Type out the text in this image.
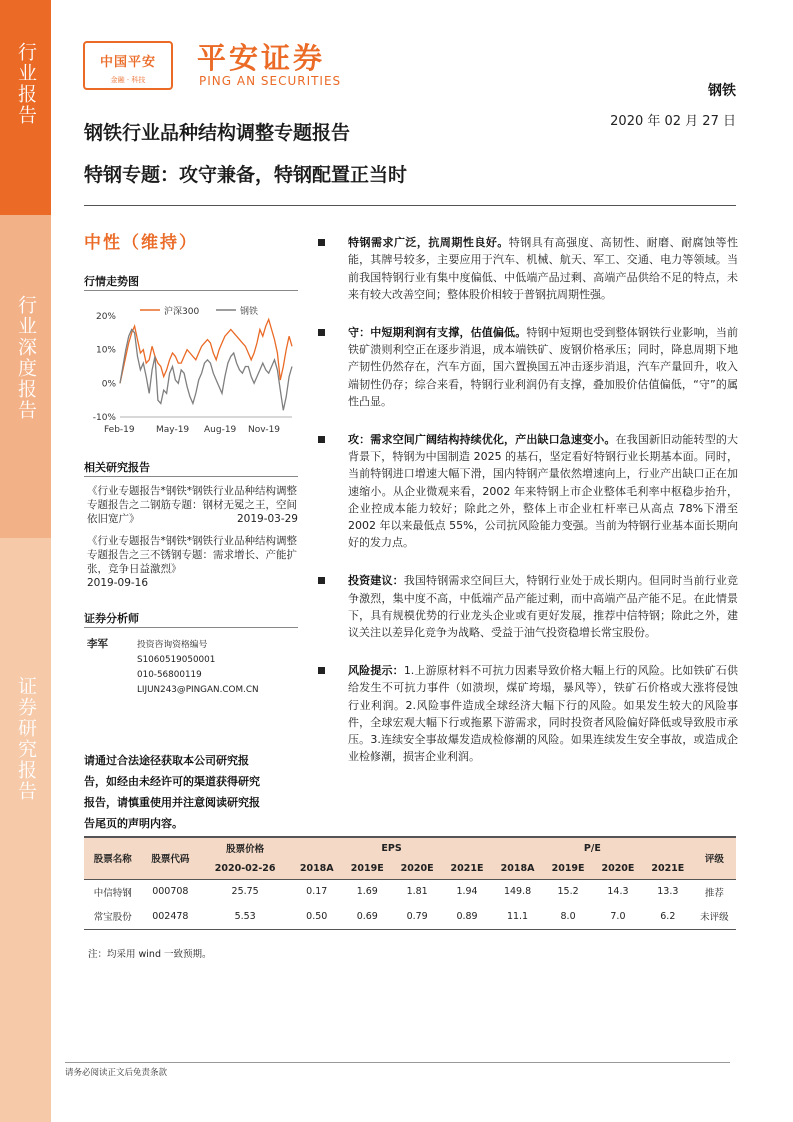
行业报告
行业深度报告
证券研究报告
中国平安
金融 · 科技
平安证券
PING AN SECURITIES
钢铁
2020 年 02 月 27 日
钢铁行业品种结构调整专题报告
特钢专题：攻守兼备，特钢配置正当时
中性（维持）
行情走势图
沪深300	钢铁
20%
10%
0%
-10%
Feb-19 May-19 Aug-19 Nov-19
相关研究报告
《行业专题报告*钢铁*钢铁行业品种结构调整专题报告之二钢筋专题：钢材无冕之王，空间依旧宽广》	2019-03-29
《行业专题报告*钢铁*钢铁行业品种结构调整专题报告之三不锈钢专题：需求增长、产能扩张，竞争日益激烈》
2019-09-16
证券分析师
李军	投资咨询资格编号
S1060519050001
010-56800119
LIJUN243@PINGAN.COM.CN
请通过合法途径获取本公司研究报告，如经由未经许可的渠道获得研究报告，请慎重使用并注意阅读研究报告尾页的声明内容。
特钢需求广泛，抗周期性良好。特钢具有高强度、高韧性、耐磨、耐腐蚀等性能，其牌号较多，主要应用于汽车、机械、航天、军工、交通、电力等领域。当前我国特钢行业有集中度偏低、中低端产品过剩、高端产品供给不足的特点，未来有较大改善空间；整体股价相较于普钢抗周期性强。
守：中短期利润有支撑，估值偏低。特钢中短期也受到整体钢铁行业影响，当前铁矿溃则利空正在逐步消退，成本端铁矿、废钢价格承压；同时，降息周期下地产韧性仍然存在，汽车方面，国六置换国五冲击逐步消退，汽车产量回升，收入端韧性仍存；综合来看，特钢行业利润仍有支撑，叠加股价估值偏低，“守”的属性凸显。
攻：需求空间广阔结构持续优化，产出缺口急速变小。在我国新旧动能转型的大背景下，特钢为中国制造 2025 的基石，坚定看好特钢行业长期基本面。同时，当前特钢进口增速大幅下滑，国内特钢产量依然增速向上，行业产出缺口正在加速缩小。从企业微观来看，2002 年来特钢上市企业整体毛利率中枢稳步抬升，企业控成本能力较好；除此之外，整体上市企业杠杆率已从高点 78%下滑至 2002 年以来最低点 55%，公司抗风险能力变强。当前为特钢行业基本面长期向好的发力点。
投资建议：我国特钢需求空间巨大，特钢行业处于成长期内。但同时当前行业竞争激烈，集中度不高，中低端产品产能过剩，而中高端产品产能不足。在此情景下，具有规模优势的行业龙头企业或有更好发展，推荐中信特钢；除此之外，建议关注以差异化竞争为战略、受益于油气投资稳增长常宝股份。
风险提示：1.上游原材料不可抗力因素导致价格大幅上行的风险。比如铁矿石供给发生不可抗力事件（如溃坝，煤矿垮塌，暴风等），铁矿石价格或大涨将侵蚀行业利润。2.风险事件造成全球经济大幅下行的风险。如果发生较大的风险事件，全球宏观大幅下行或拖累下游需求，同时投资者风险偏好降低或导致股市承压。3.连续安全事故爆发造成检修潮的风险。如果连续发生安全事故，或造成企业检修潮，损害企业利润。
股票名称	股票代码	股票价格	EPS				P/E				评级
		2020-02-26	2018A	2019E	2020E	2021E	2018A	2019E	2020E	2021E	
中信特钢	000708	25.75	0.17	1.69	1.81	1.94	149.8	15.2	14.3	13.3	推荐
常宝股份	002478	5.53	0.50	0.69	0.79	0.89	11.1	8.0	7.0	6.2	未评级
注：均采用 wind 一致预期。
请务必阅读正文后免责条款
